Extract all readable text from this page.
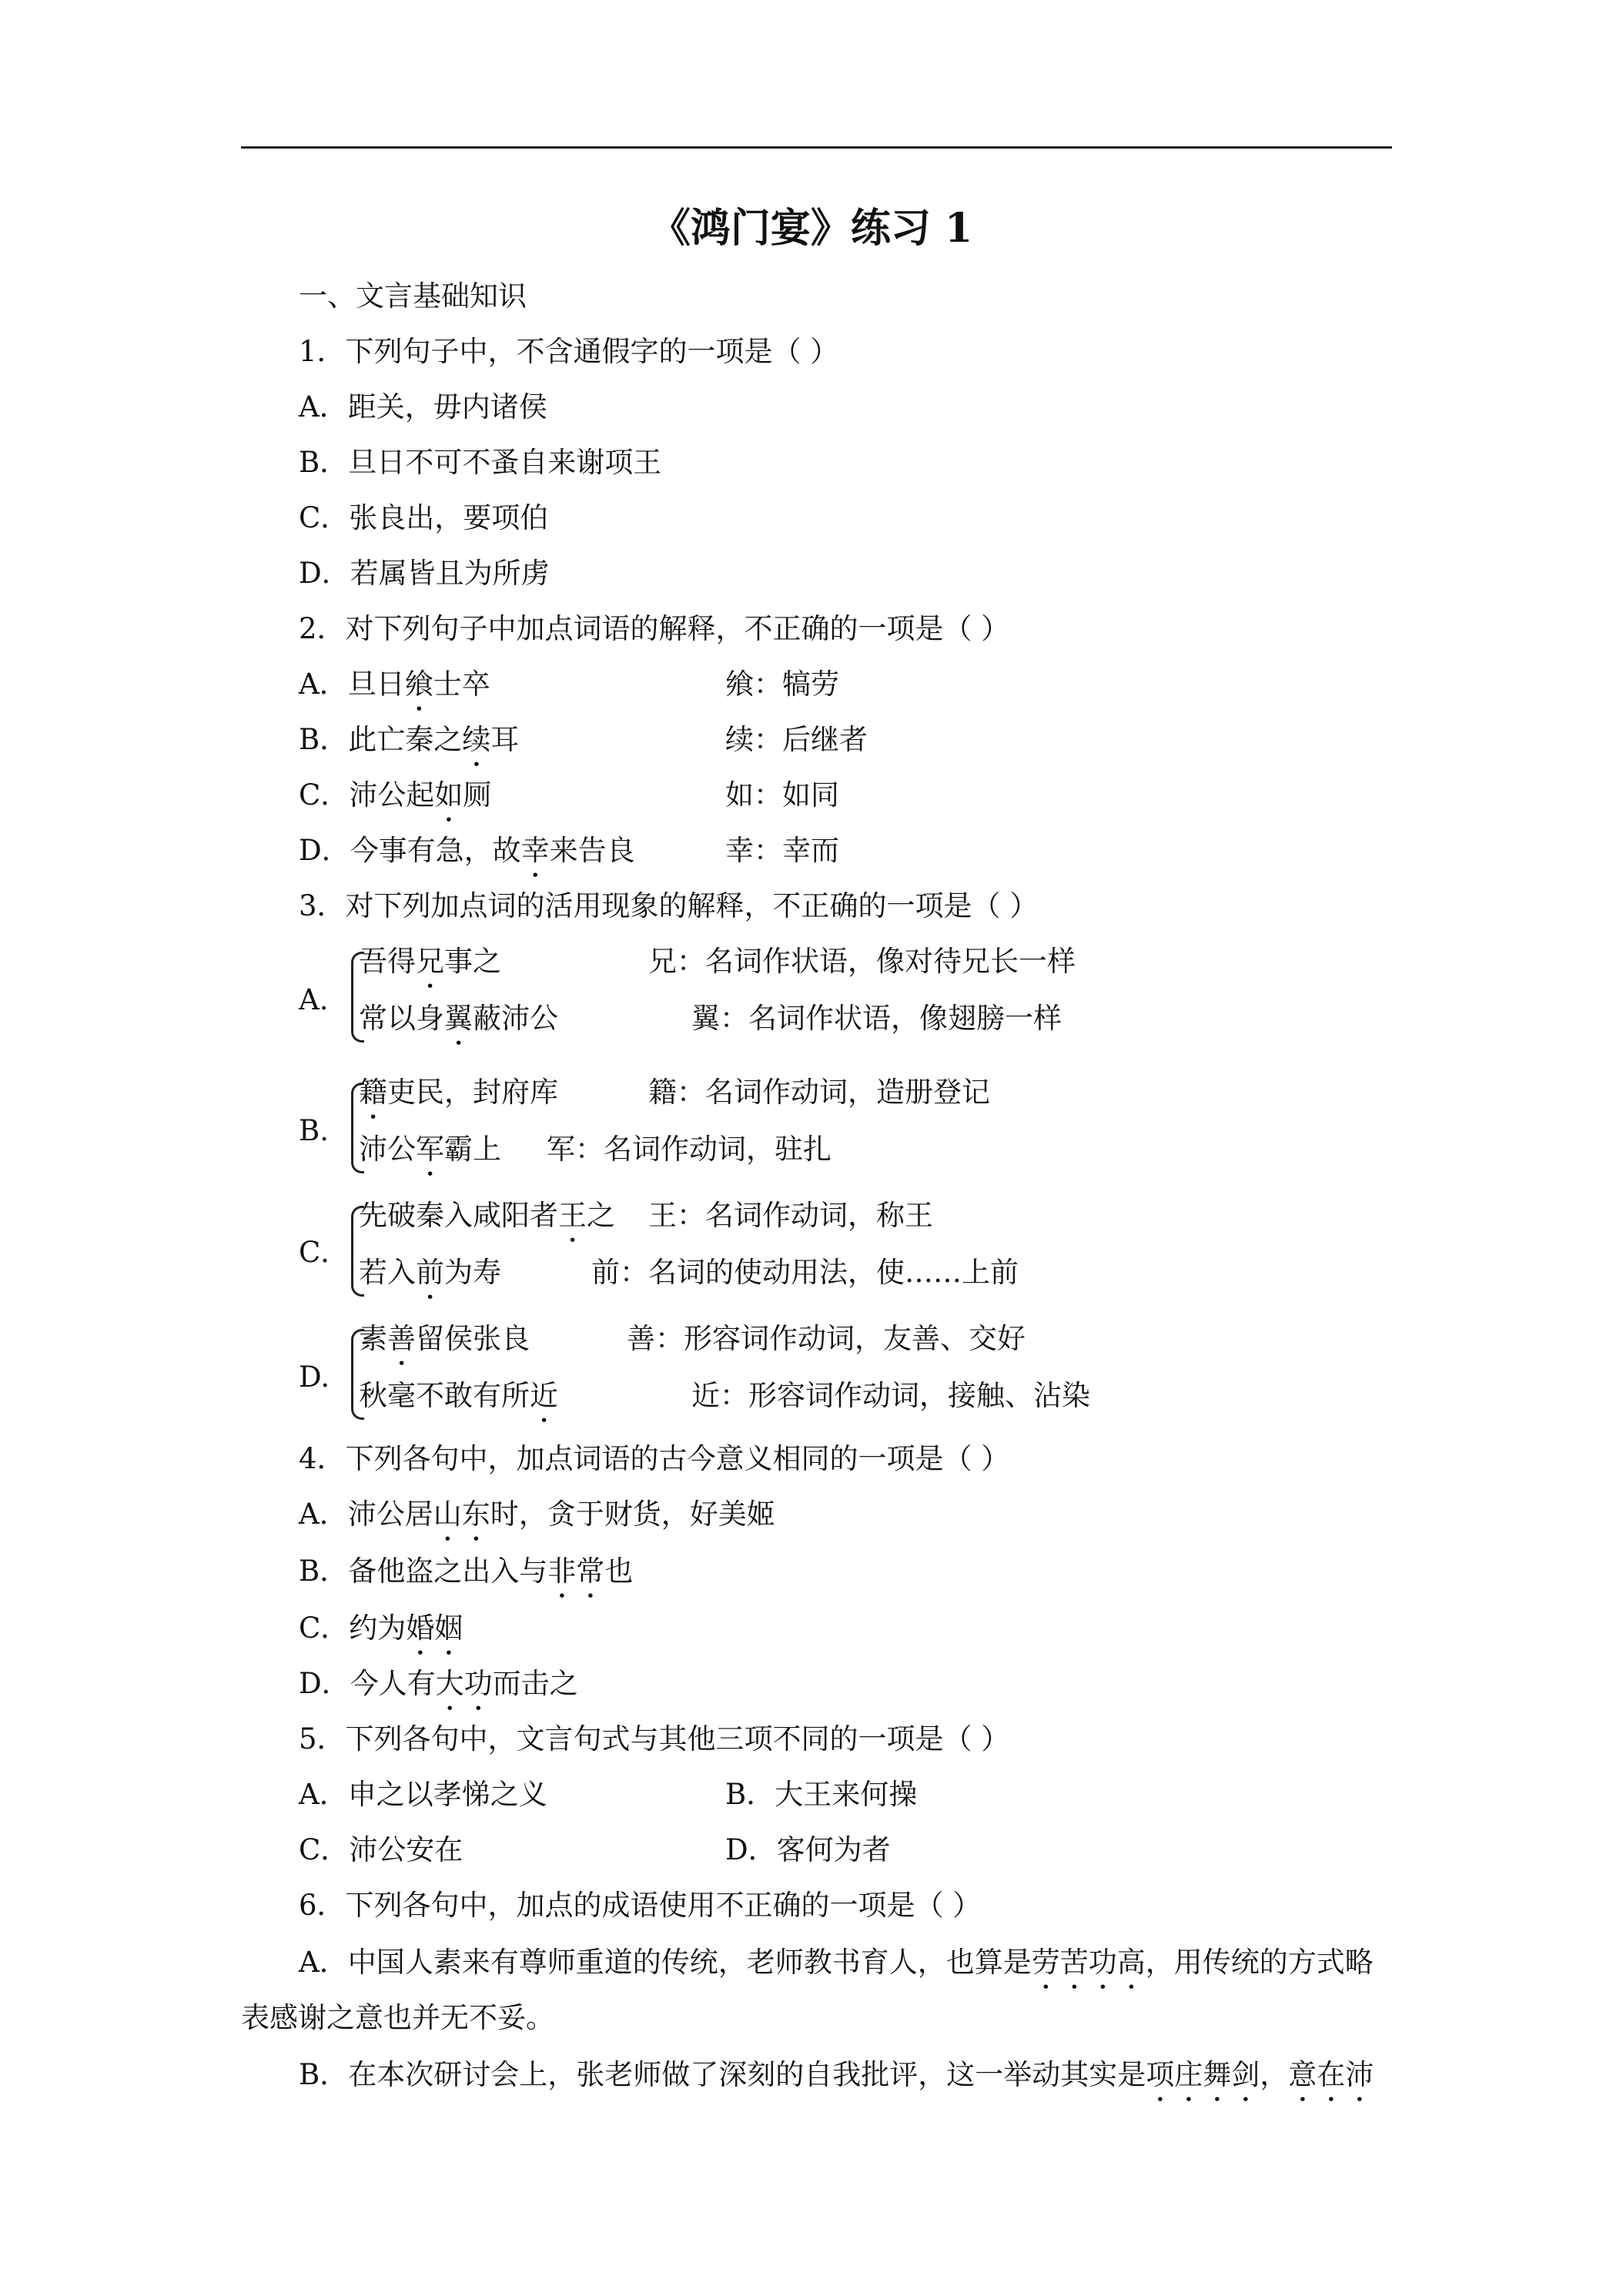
《鸿门宴》练习 1
一、文言基础知识
1．下列句子中，不含通假字的一项是（ ）
A．距关，毋内诸侯
B．旦日不可不蚤自来谢项王
C．张良出，要项伯
D．若属皆且为所虏
2．对下列句子中加点词语的解释，不正确的一项是（ ）
A．旦日飨士卒	飨：犒劳
B．此亡秦之续耳	续：后继者
C．沛公起如厕	如：如同
D．今事有急，故幸来告良	幸：幸而
3．对下列加点词的活用现象的解释，不正确的一项是（ ）
A.
吾得兄事之	兄：名词作状语，像对待兄长一样
常以身翼蔽沛公	翼：名词作状语，像翅膀一样
B.
籍吏民，封府库	籍：名词作动词，造册登记
沛公军霸上 军：名词作动词，驻扎
C．
先破秦入咸阳者王之 王：名词作动词，称王
若入前为寿	前：名词的使动用法，使……上前
D.
素善留侯张良	善：形容词作动词，友善、交好
秋毫不敢有所近	近：形容词作动词，接触、沾染
4．下列各句中，加点词语的古今意义相同的一项是（ ）
A．沛公居山东时，贪于财货，好美姬
B．备他盗之出入与非常也
C．约为婚姻
D．今人有大功而击之
5．下列各句中，文言句式与其他三项不同的一项是（ ）
A．申之以孝悌之义	B．大王来何操
C．沛公安在	D．客何为者
6．下列各句中，加点的成语使用不正确的一项是（ ）
A．中国人素来有尊师重道的传统，老师教书育人，也算是劳苦功高，用传统的方式略
表感谢之意也并无不妥。
B．在本次研讨会上，张老师做了深刻的自我批评，这一举动其实是项庄舞剑，意在沛
